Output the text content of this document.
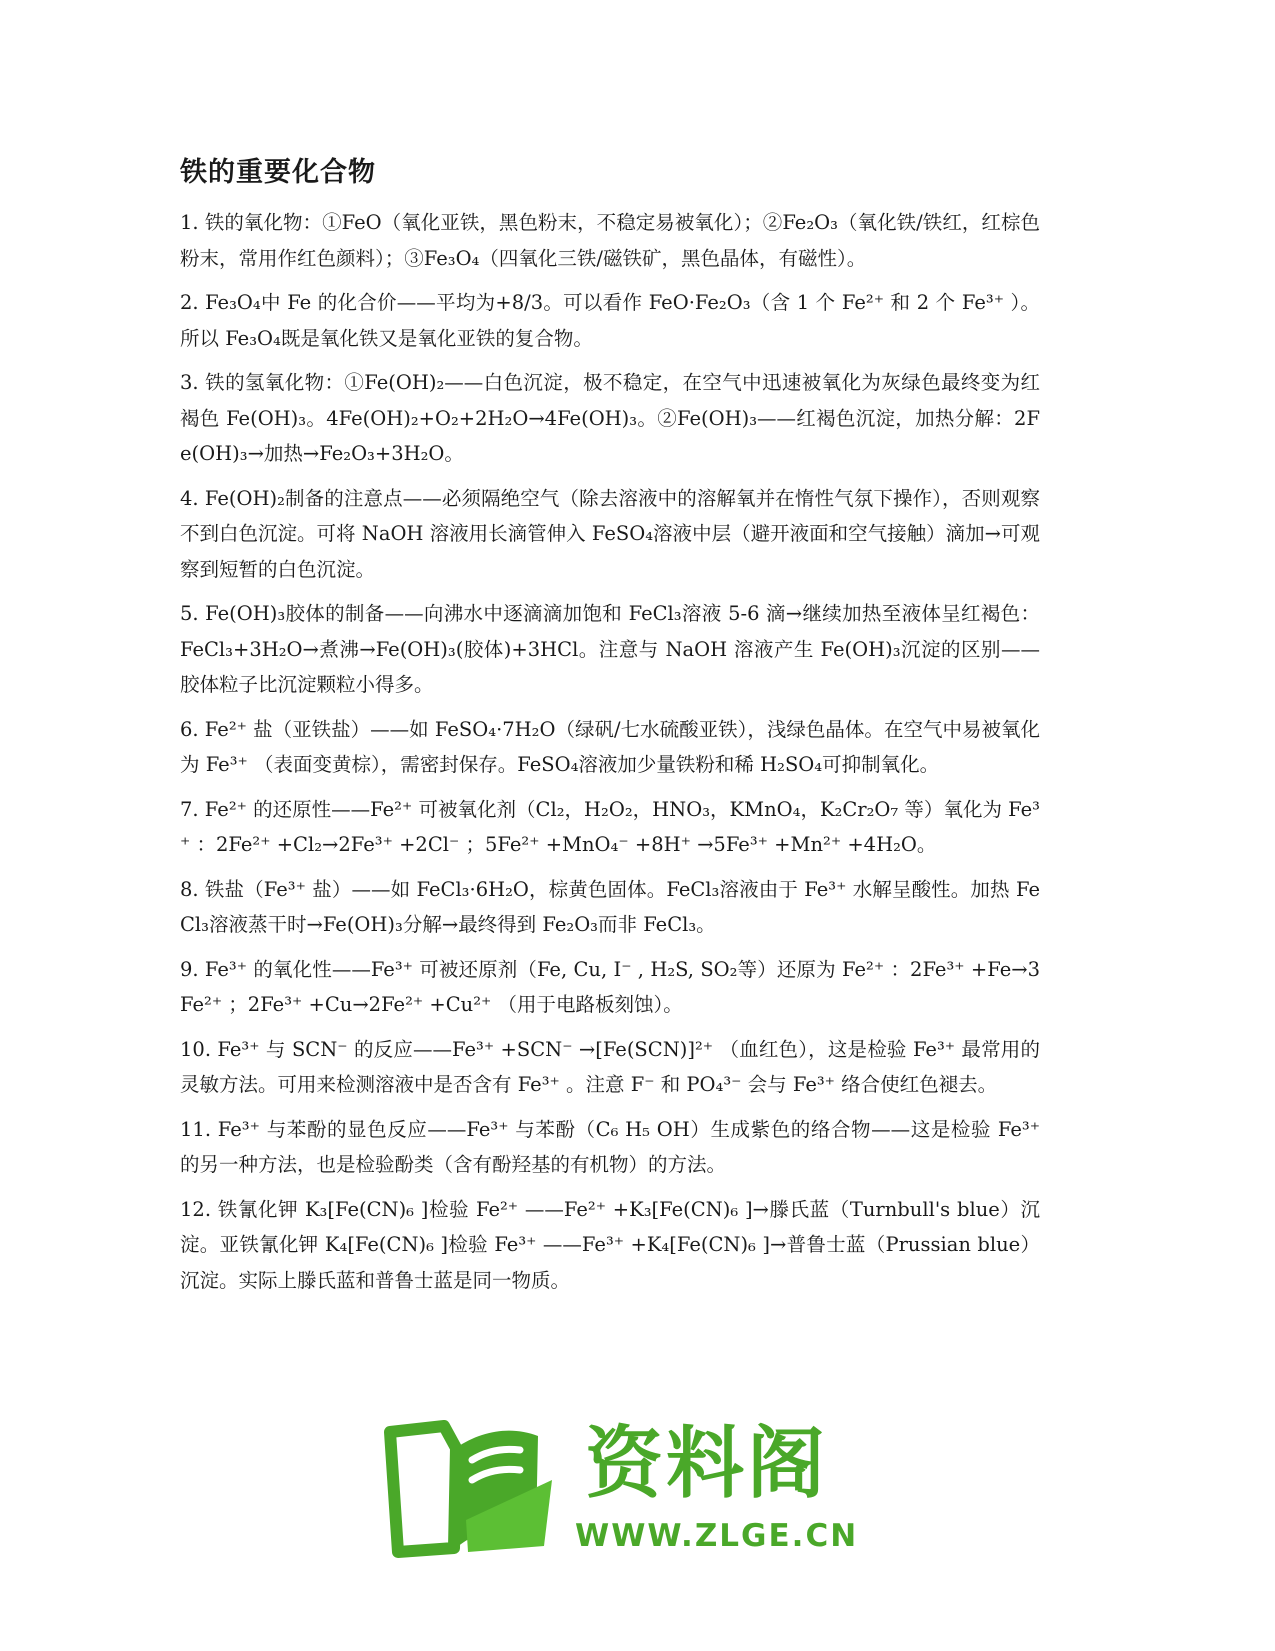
铁的重要化合物

1. 铁的氧化物：①FeO（氧化亚铁，黑色粉末，不稳定易被氧化）；②Fe₂O₃（氧化铁/铁红，红棕色粉末，常用作红色颜料）；③Fe₃O₄（四氧化三铁/磁铁矿，黑色晶体，有磁性）。

2. Fe₃O₄中 Fe 的化合价——平均为+8/3。可以看作 FeO·Fe₂O₃（含 1 个 Fe²⁺ 和 2 个 Fe³⁺ ）。所以 Fe₃O₄既是氧化铁又是氧化亚铁的复合物。

3. 铁的氢氧化物：①Fe(OH)₂——白色沉淀，极不稳定，在空气中迅速被氧化为灰绿色最终变为红褐色 Fe(OH)₃。4Fe(OH)₂+O₂+2H₂O→4Fe(OH)₃。②Fe(OH)₃——红褐色沉淀，加热分解：2Fe(OH)₃→加热→Fe₂O₃+3H₂O。

4. Fe(OH)₂制备的注意点——必须隔绝空气（除去溶液中的溶解氧并在惰性气氛下操作），否则观察不到白色沉淀。可将 NaOH 溶液用长滴管伸入 FeSO₄溶液中层（避开液面和空气接触）滴加→可观察到短暂的白色沉淀。

5. Fe(OH)₃胶体的制备——向沸水中逐滴滴加饱和 FeCl₃溶液 5-6 滴→继续加热至液体呈红褐色：FeCl₃+3H₂O→煮沸→Fe(OH)₃(胶体)+3HCl。注意与 NaOH 溶液产生 Fe(OH)₃沉淀的区别——胶体粒子比沉淀颗粒小得多。

6. Fe²⁺ 盐（亚铁盐）——如 FeSO₄·7H₂O（绿矾/七水硫酸亚铁），浅绿色晶体。在空气中易被氧化为 Fe³⁺ （表面变黄棕），需密封保存。FeSO₄溶液加少量铁粉和稀 H₂SO₄可抑制氧化。

7. Fe²⁺ 的还原性——Fe²⁺ 可被氧化剂（Cl₂，H₂O₂，HNO₃，KMnO₄，K₂Cr₂O₇ 等）氧化为 Fe³⁺ ：2Fe²⁺ +Cl₂→2Fe³⁺ +2Cl⁻ ；5Fe²⁺ +MnO₄⁻ +8H⁺ →5Fe³⁺ +Mn²⁺ +4H₂O。

8. 铁盐（Fe³⁺ 盐）——如 FeCl₃·6H₂O，棕黄色固体。FeCl₃溶液由于 Fe³⁺ 水解呈酸性。加热 FeCl₃溶液蒸干时→Fe(OH)₃分解→最终得到 Fe₂O₃而非 FeCl₃。

9. Fe³⁺ 的氧化性——Fe³⁺ 可被还原剂（Fe, Cu, I⁻ , H₂S, SO₂等）还原为 Fe²⁺ ：2Fe³⁺ +Fe→3Fe²⁺ ；2Fe³⁺ +Cu→2Fe²⁺ +Cu²⁺ （用于电路板刻蚀）。

10. Fe³⁺ 与 SCN⁻ 的反应——Fe³⁺ +SCN⁻ →[Fe(SCN)]²⁺ （血红色），这是检验 Fe³⁺ 最常用的灵敏方法。可用来检测溶液中是否含有 Fe³⁺ 。注意 F⁻ 和 PO₄³⁻ 会与 Fe³⁺ 络合使红色褪去。

11. Fe³⁺ 与苯酚的显色反应——Fe³⁺ 与苯酚（C₆ H₅ OH）生成紫色的络合物——这是检验 Fe³⁺ 的另一种方法，也是检验酚类（含有酚羟基的有机物）的方法。

12. 铁氰化钾 K₃[Fe(CN)₆ ]检验 Fe²⁺ ——Fe²⁺ +K₃[Fe(CN)₆ ]→滕氏蓝（Turnbull's blue）沉淀。亚铁氰化钾 K₄[Fe(CN)₆ ]检验 Fe³⁺ ——Fe³⁺ +K₄[Fe(CN)₆ ]→普鲁士蓝（Prussian blue）沉淀。实际上滕氏蓝和普鲁士蓝是同一物质。

资料阁
WWW.ZLGE.CN
